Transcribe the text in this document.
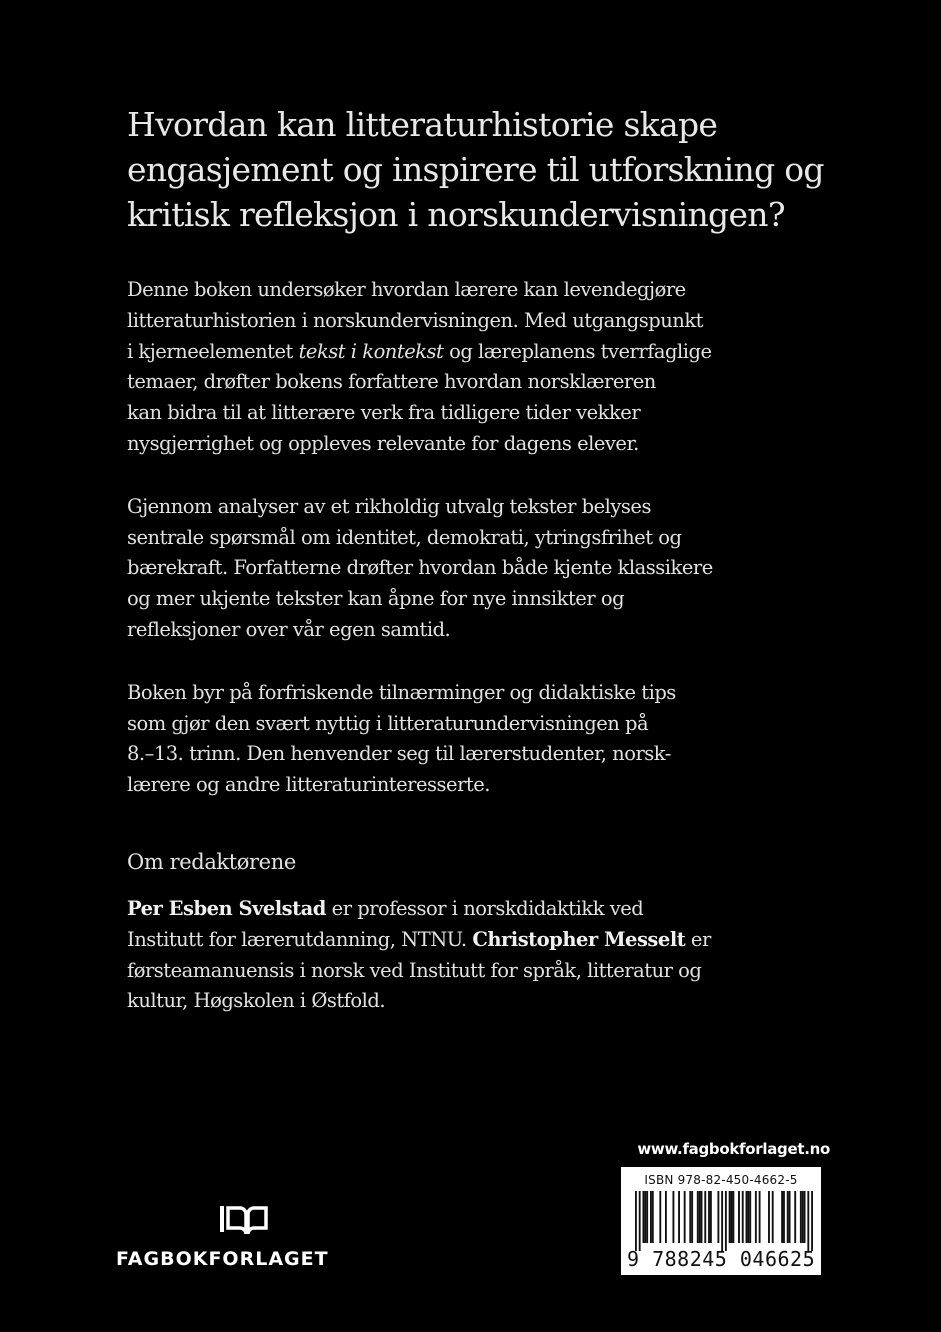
Hvordan kan litteraturhistorie skape
engasjement og inspirere til utforskning og
kritisk refleksjon i norskundervisningen?

Denne boken undersøker hvordan lærere kan levendegjøre
litteraturhistorien i norskundervisningen. Med utgangspunkt
i kjerneelementet tekst i kontekst og læreplanens tverrfaglige
temaer, drøfter bokens forfattere hvordan norsklæreren
kan bidra til at litterære verk fra tidligere tider vekker
nysgjerrighet og oppleves relevante for dagens elever.

Gjennom analyser av et rikholdig utvalg tekster belyses
sentrale spørsmål om identitet, demokrati, ytringsfrihet og
bærekraft. Forfatterne drøfter hvordan både kjente klassikere
og mer ukjente tekster kan åpne for nye innsikter og
refleksjoner over vår egen samtid.

Boken byr på forfriskende tilnærminger og didaktiske tips
som gjør den svært nyttig i litteraturundervisningen på
8.–13. trinn. Den henvender seg til lærerstudenter, norsk-
lærere og andre litteraturinteresserte.

Om redaktørene
Per Esben Svelstad er professor i norskdidaktikk ved
Institutt for lærerutdanning, NTNU. Christopher Messelt er
førsteamanuensis i norsk ved Institutt for språk, litteratur og
kultur, Høgskolen i Østfold.
FAGBOKFORLAGET
www.fagbokforlaget.no
ISBN 978-82-450-4662-5
9 788245 046625
